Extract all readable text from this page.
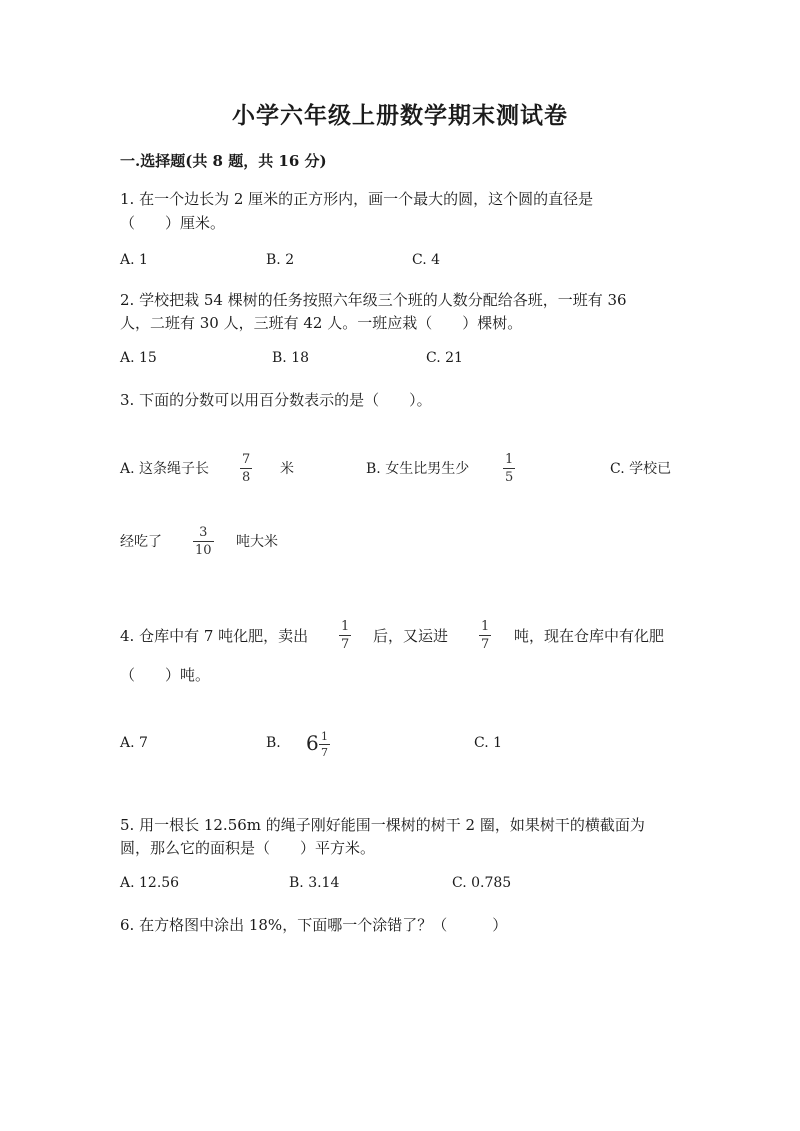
小学六年级上册数学期末测试卷
一.选择题(共 8 题，共 16 分)
1. 在一个边长为 2 厘米的正方形内，画一个最大的圆，这个圆的直径是
（　　）厘米。
A. 1	B. 2	C. 4
2. 学校把栽 54 棵树的任务按照六年级三个班的人数分配给各班，一班有 36
人，二班有 30 人，三班有 42 人。一班应栽（　　）棵树。
A. 15	B. 18	C. 21
3. 下面的分数可以用百分数表示的是（　　）。
A. 这条绳子长
7
8
米	B. 女生比男生少
1
5
C. 学校已
经吃了
3
10
吨大米
4. 仓库中有 7 吨化肥，卖出
1
7 后，又运进
1
7 吨，现在仓库中有化肥
（　　）吨。
A. 7	B. 6 1
7
C. 1
5. 用一根长 12.56m 的绳子刚好能围一棵树的树干 2 圈，如果树干的横截面为
圆，那么它的面积是（　　）平方米。
A. 12.56	B. 3.14	C. 0.785
6. 在方格图中涂出 18%，下面哪一个涂错了？（　　　）
